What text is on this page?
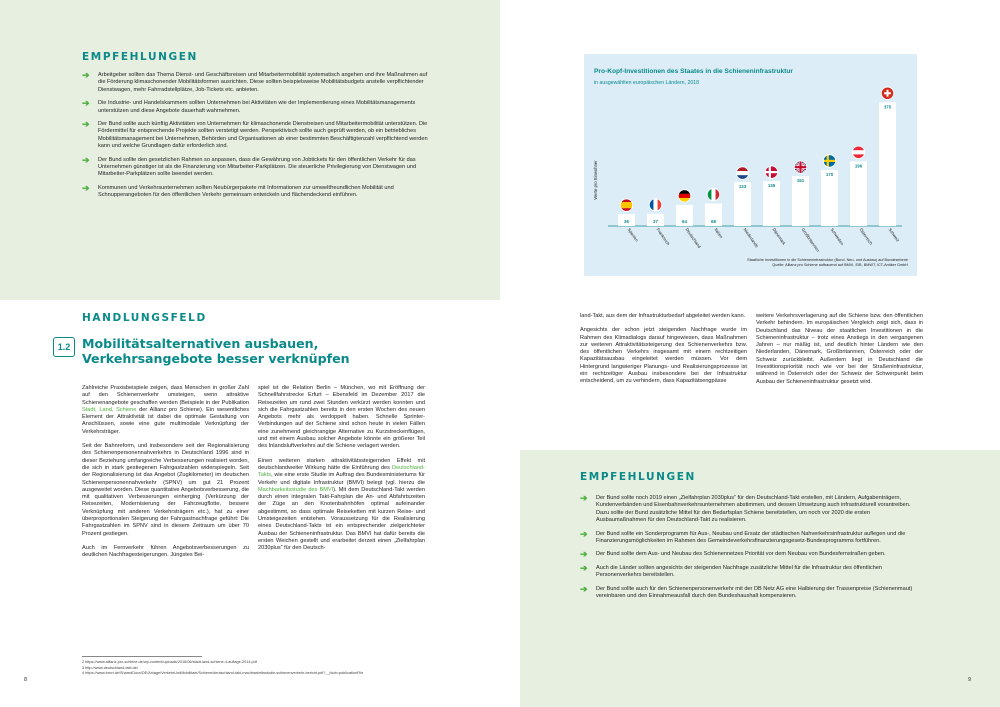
EMPFEHLUNGEN
➔ Arbeitgeber sollten das Thema Dienst- und Geschäftsreisen und Mitarbeitermobilität systematisch angehen und ihre Maßnahmen auf die Förderung klimaschonender Mobilitätsformen ausrichten. Diese sollten beispielsweise Mobilitätsbudgets anstelle verpflichtender Dienstwagen, mehr Fahrradstellplätze, Job-Tickets etc. anbieten.
➔ Die Industrie- und Handelskammern sollten Unternehmen bei Aktivitäten wie der Implementierung eines Mobilitätsmanagements unterstützen und diese Angebote dauerhaft wahrnehmen.
➔ Der Bund sollte auch künftig Aktivitäten von Unternehmen für klimaschonende Dienstreisen und Mitarbeitermobilität unterstützen. Die Fördermittel für entsprechende Projekte sollten verstetigt werden. Perspektivisch sollte auch geprüft werden, ob ein betriebliches Mobilitätsmanagement bei Unternehmen, Behörden und Organisationen ab einer bestimmten Beschäftigtenzahl verpflichtend werden kann und welche Grundlagen dafür erforderlich sind.
➔ Der Bund sollte den gesetzlichen Rahmen so anpassen, dass die Gewährung von Jobtickets für den öffentlichen Verkehr für das Unternehmen günstiger ist als die Finanzierung von Mitarbeiter-Parkplätzen. Die steuerliche Privilegierung von Dienstwagen und Mitarbeiter-Parkplätzen sollte beendet werden.
➔ Kommunen und Verkehrsunternehmen sollten Neubürgerpakete mit Informationen zur umweltfreundlichen Mobilität und Schnupperangeboten für den öffentlichen Verkehr gemeinsam entwickeln und flächendeckend einführen.
HANDLUNGSFELD
1.2 Mobilitätsalternativen ausbauen,
Verkehrsangebote besser verknüpfen

Zahlreiche Praxisbeispiele zeigen, dass Menschen in großer Zahl auf den Schienenverkehr umsteigen, wenn attraktive Schienenangebote geschaffen werden (Beispiele in der Publikation Stadt, Land, Schiene der Allianz pro Schiene). Ein wesentliches Element der Attraktivität ist dabei die optimale Gestaltung von Anschlüssen, sowie eine gute multimodale Verknüpfung der Verkehrsträger.

Seit der Bahnreform, und insbesondere seit der Regionalisierung des Schienenpersonennahverkehrs in Deutschland 1996 sind in dieser Beziehung umfangreiche Verbesserungen realisiert worden, die sich in stark gestiegenen Fahrgastzahlen widerspiegeln. Seit der Regionalisierung ist das Angebot (Zugkilometer) im deutschen Schienenpersonennahverkehr (SPNV) um gut 21 Prozent ausgeweitet worden. Diese quantitative Angebotsverbesserung, die mit qualitativen Verbesserungen einherging (Verkürzung der Reisezeiten, Modernisierung der Fahrzeugflotte, bessere Verknüpfung mit anderen Verkehrsträgern etc.), hat zu einer überproportionalen Steigerung der Fahrgastnachfrage geführt: Die Fahrgastzahlen im SPNV sind in diesem Zeitraum um über 70 Prozent gestiegen.

Auch im Fernverkehr führen Angebotsverbesserungen zu deutlichen Nachfragesteigerungen. Jüngstes Bei-

spiel ist die Relation Berlin – München, wo mit Eröffnung der Schnellfahrstrecke Erfurt – Ebensfeld im Dezember 2017 die Reisezeiten um rund zwei Stunden verkürzt werden konnten und sich die Fahrgastzahlen bereits in den ersten Wochen des neuen Angebots mehr als verdoppelt haben. Schnelle Sprinter-Verbindungen auf der Schiene sind schon heute in vielen Fällen eine zunehmend gleichrangige Alternative zu Kurzstreckenflügen, und mit einem Ausbau solcher Angebote könnte ein größerer Teil des Inlandsluftverkehrs auf die Schiene verlagert werden.

Einen weiteren starken attraktivitätssteigernden Effekt mit deutschlandweiter Wirkung hätte die Einführung des Deutschland-Takts, wie eine erste Studie im Auftrag des Bundesministeriums für Verkehr und digitale Infrastruktur (BMVI) belegt (vgl. hierzu die Machbarkeitsstudie des BMVI). Mit dem Deutschland-Takt werden durch einen integralen Takt-Fahrplan die An- und Abfahrtszeiten der Züge an den Knotenbahnhöfen optimal aufeinander abgestimmt, so dass optimale Reiseketten mit kurzen Reise- und Umsteigezeiten entstehen. Voraussetzung für die Realisierung eines Deutschland-Takts ist ein entsprechender zielgerichteter Ausbau der Schieneninfrastruktur. Das BMVI hat dafür bereits die ersten Weichen gestellt und erarbeitet derzeit einen „Zielfahrplan 2030plus“ für den Deutsch-

2 https://www.allianz-pro-schiene.de/wp-content/uploads/2016/06/stadt-land-schiene-4-auflage-2014.pdf
3 http://www.deutschland-takt.de/
4 https://www.bmvi.de/SharedDocs/DE/Anlage/VerkehrUndMobilitaet/Schiene/deutschland-takt-machbarkeitsstudie-schienenverkehr-bericht.pdf?__blob=publicationFile
8
Werte pro Einwohner
36
Spanien
37
Frankreich
64
Deutschland
68
Italien
133
Niederlande
136
Dänemark
151
Großbritannien
170
Schweden
196
Österreich
375
Schweiz
Pro-Kopf-Investitionen des Staates in die Schieneninfrastruktur
in ausgewählten europäischen Ländern, 2018
Staatliche Investitionen in die Schieneninfrastruktur (Bund, Neu- und Ausbau) auf Bundesebene
Quelle: Allianz pro Schiene aufbauend auf BMVI, EIB, BMWT, ICT-Antiker GmbH

land-Takt, aus dem der Infrastrukturbedarf abgeleitet werden kann.

Angesichts der schon jetzt steigenden Nachfrage wurde im Rahmen des Klimadialogs darauf hingewiesen, dass Maßnahmen zur weiteren Attraktivitätssteigerung des Schienenverkehrs bzw. des öffentlichen Verkehrs insgesamt mit einem rechtzeitigen Kapazitätsausbau eingeleitet werden müssen. Vor dem Hintergrund langwieriger Planungs- und Realisierungsprozesse ist ein rechtzeitiger Ausbau insbesondere bei der Infrastruktur entscheidend, um zu verhindern, dass Kapazitätsengpässe

weitere Verkehrsverlagerung auf die Schiene bzw. den öffentlichen Verkehr behindern. Im europäischen Vergleich zeigt sich, dass in Deutschland das Niveau der staatlichen Investitionen in die Schieneninfrastruktur – trotz eines Anstiegs in den vergangenen Jahren – nur mäßig ist, und deutlich hinter Ländern wie den Niederlanden, Dänemark, Großbritannien, Österreich oder der Schweiz zurückbleibt. Außerdem liegt in Deutschland die Investitionspriorität noch wie vor bei der Straßeninfrastruktur, während in Österreich oder der Schweiz der Schwerpunkt beim Ausbau der Schieneninfrastruktur gesetzt wird.

EMPFEHLUNGEN
➔ Der Bund sollte noch 2019 einen „Zielfahrplan 2030plus“ für den Deutschland-Takt erstellen, mit Ländern, Aufgabenträgern, Kundenverbänden und Eisenbahnverkehrsunternehmen abstimmen, und dessen Umsetzung auch infrastrukturell vorantreiben. Dazu sollte der Bund zusätzliche Mittel für den Bedarfsplan Schiene bereitstellen, um noch vor 2020 die ersten Ausbaumaßnahmen für den Deutschland-Takt zu realisieren.
➔ Der Bund sollte ein Sonderprogramm für Aus-, Neubau und Ersatz der städtischen Nahverkehrsinfrastruktur auflegen und die Finanzierungsmöglichkeiten im Rahmen des Gemeindeverkehrsfinanzierungsgesetz-Bundesprogramms fortführen.
➔ Der Bund sollte dem Aus- und Neubau des Schienennetzes Priorität vor dem Neubau von Bundesfernstraßen geben.
➔ Auch die Länder sollten angesichts der steigenden Nachfrage zusätzliche Mittel für die Infrastruktur des öffentlichen Personenverkehrs bereitstellen.
➔ Der Bund sollte auch für den Schienenpersonenverkehr mit der DB Netz AG eine Halbierung der Trassenpreise (Schienenmaut) vereinbaren und den Einnahmeausfall durch den Bundeshaushalt kompensieren.
9
